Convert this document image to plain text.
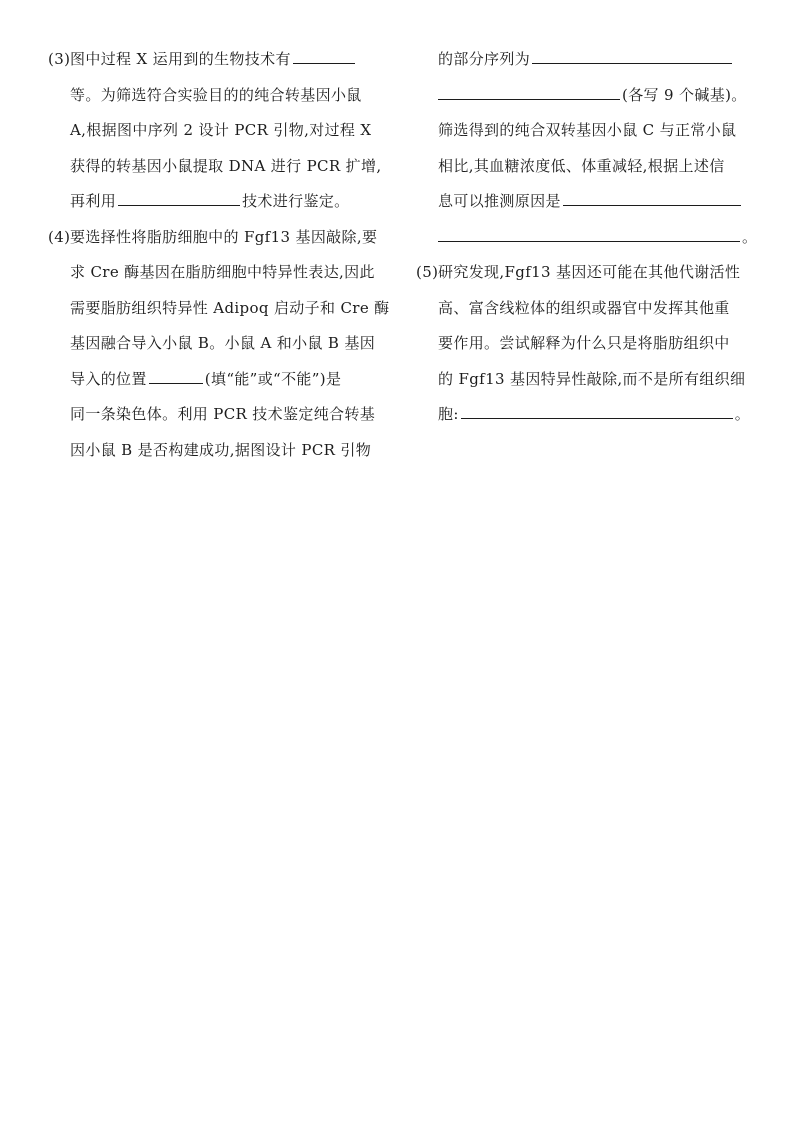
(3)图中过程 X 运用到的生物技术有
等。为筛选符合实验目的的纯合转基因小鼠
A,根据图中序列 2 设计 PCR 引物,对过程 X
获得的转基因小鼠提取 DNA 进行 PCR 扩增,
再利用	技术进行鉴定。
(4)要选择性将脂肪细胞中的 Fgf13 基因敲除,要
求 Cre 酶基因在脂肪细胞中特异性表达,因此
需要脂肪组织特异性 Adipoq 启动子和 Cre 酶
基因融合导入小鼠 B。小鼠 A 和小鼠 B 基因
导入的位置	(填“能”或“不能”)是
同一条染色体。利用 PCR 技术鉴定纯合转基
因小鼠 B 是否构建成功,据图设计 PCR 引物
的部分序列为
(各写 9 个碱基)。
筛选得到的纯合双转基因小鼠 C 与正常小鼠
相比,其血糖浓度低、体重减轻,根据上述信
息可以推测原因是
。
(5)研究发现,Fgf13 基因还可能在其他代谢活性
高、富含线粒体的组织或器官中发挥其他重
要作用。尝试解释为什么只是将脂肪组织中
的 Fgf13 基因特异性敲除,而不是所有组织细
胞:	。
